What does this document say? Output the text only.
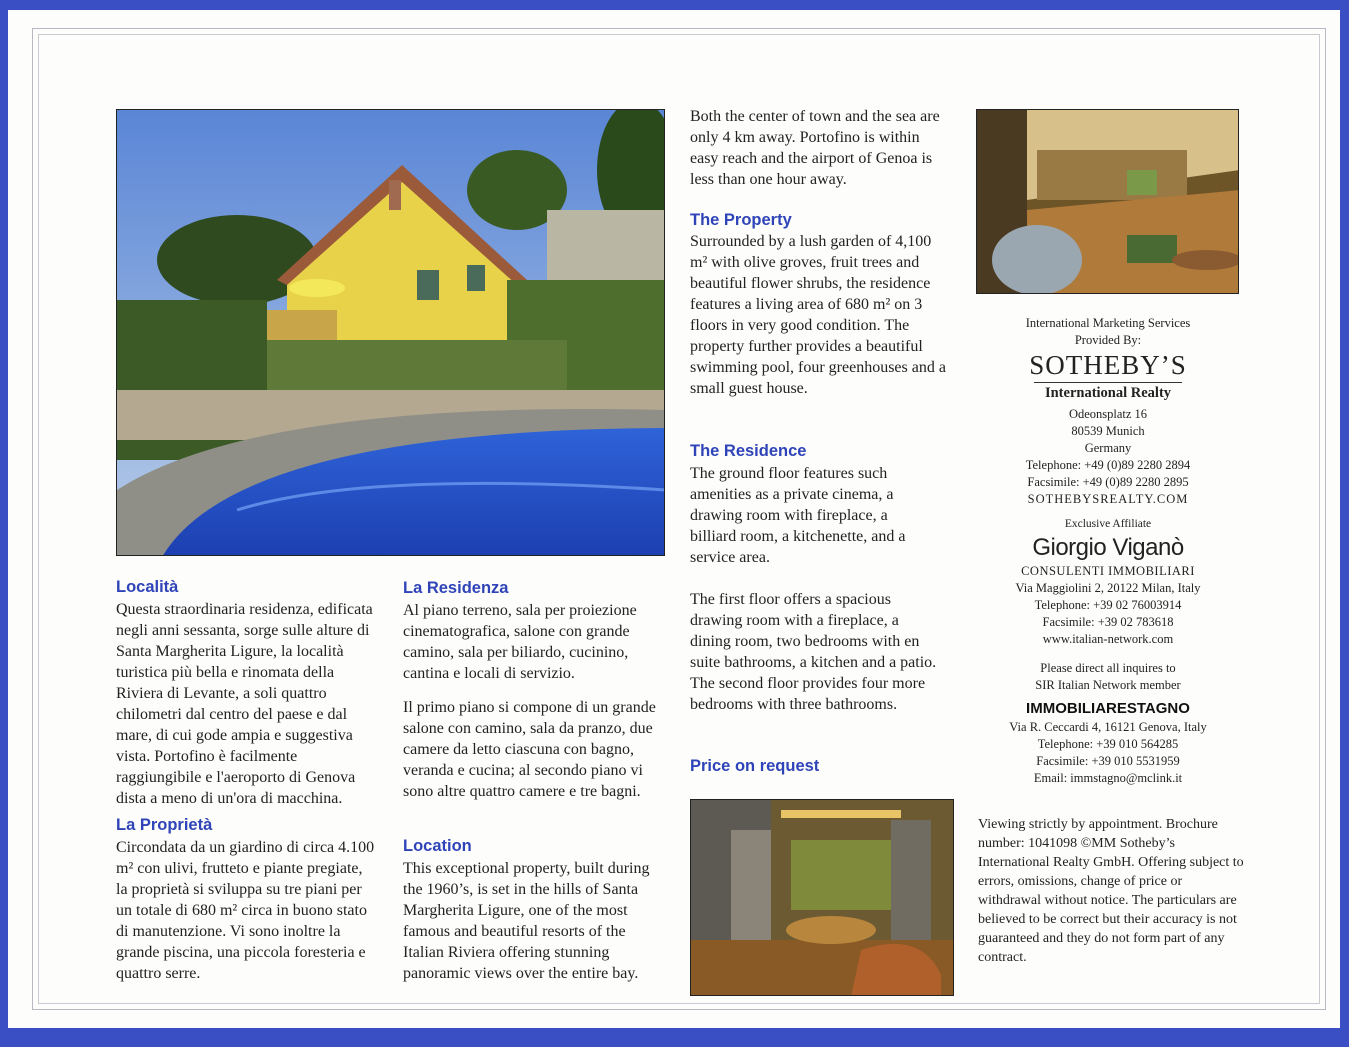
Località

Questa straordinaria residenza, edificata negli anni sessanta, sorge sulle alture di Santa Margherita Ligure, la località turistica più bella e rinomata della Riviera di Levante, a soli quattro chilometri dal centro del paese e dal mare, di cui gode ampia e suggestiva vista. Portofino è facilmente raggiungibile e l'aeroporto di Genova dista a meno di un'ora di macchina.

La Proprietà

Circondata da un giardino di circa 4.100 m² con ulivi, frutteto e piante pregiate, la proprietà si sviluppa su tre piani per un totale di 680 m² circa in buono stato di manutenzione. Vi sono inoltre la grande piscina, una piccola foresteria e quattro serre.

La Residenza

Al piano terreno, sala per proiezione cinematografica, salone con grande camino, sala per biliardo, cucinino, cantina e locali di servizio.

Il primo piano si compone di un grande salone con camino, sala da pranzo, due camere da letto ciascuna con bagno, veranda e cucina; al secondo piano vi sono altre quattro camere e tre bagni.

Location

This exceptional property, built during the 1960’s, is set in the hills of Santa Margherita Ligure, one of the most famous and beautiful resorts of the Italian Riviera offering stunning panoramic views over the entire bay.

Both the center of town and the sea are only 4 km away. Portofino is within easy reach and the airport of Genoa is less than one hour away.

The Property

Surrounded by a lush garden of 4,100 m² with olive groves, fruit trees and beautiful flower shrubs, the residence features a living area of 680 m² on 3 floors in very good condition. The property further provides a beautiful swimming pool, four greenhouses and a small guest house.

The Residence

The ground floor features such amenities as a private cinema, a drawing room with fireplace, a billiard room, a kitchenette, and a service area.

The first floor offers a spacious drawing room with a fireplace, a dining room, two bedrooms with en suite bathrooms, a kitchen and a patio. The second floor provides four more bedrooms with three bathrooms.

Price on request
International Marketing Services
Provided By:
SOTHEBY’S
International Realty
Odeonsplatz 16
80539 Munich
Germany
Telephone: +49 (0)89 2280 2894
Facsimile: +49 (0)89 2280 2895
SOTHEBYSREALTY.COM
Exclusive Affiliate
Giorgio Viganò
CONSULENTI IMMOBILIARI
Via Maggiolini 2, 20122 Milan, Italy
Telephone: +39 02 76003914
Facsimile: +39 02 783618
www.italian-network.com
Please direct all inquires to
SIR Italian Network member
IMMOBILIARESTAGNO
Via R. Ceccardi 4, 16121 Genova, Italy
Telephone: +39 010 564285
Facsimile: +39 010 5531959
Email: immstagno@mclink.it

Viewing strictly by appointment. Brochure number: 1041098 ©MM Sotheby’s International Realty GmbH. Offering subject to errors, omissions, change of price or withdrawal without notice. The particulars are believed to be correct but their accuracy is not guaranteed and they do not form part of any contract.
